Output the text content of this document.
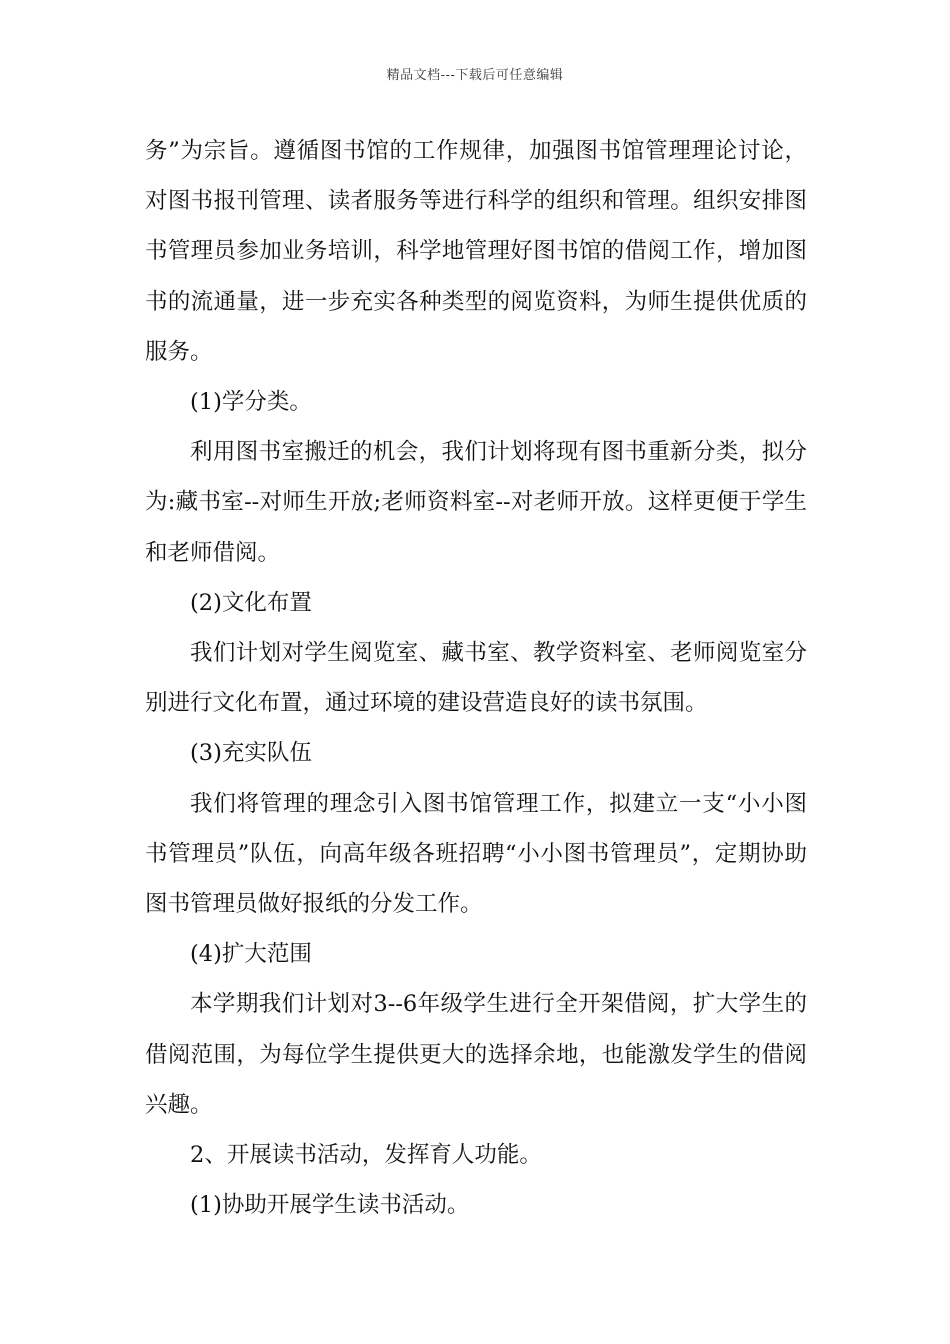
精品文档---下载后可任意编辑

务”为宗旨。遵循图书馆的工作规律，加强图书馆管理理论讨论，对图书报刊管理、读者服务等进行科学的组织和管理。组织安排图书管理员参加业务培训，科学地管理好图书馆的借阅工作，增加图书的流通量，进一步充实各种类型的阅览资料，为师生提供优质的服务。

(1)学分类。

利用图书室搬迁的机会，我们计划将现有图书重新分类，拟分为:藏书室--对师生开放;老师资料室--对老师开放。这样更便于学生和老师借阅。

(2)文化布置

我们计划对学生阅览室、藏书室、教学资料室、老师阅览室分别进行文化布置，通过环境的建设营造良好的读书氛围。

(3)充实队伍

我们将管理的理念引入图书馆管理工作，拟建立一支“小小图书管理员”队伍，向高年级各班招聘“小小图书管理员”，定期协助图书管理员做好报纸的分发工作。

(4)扩大范围

本学期我们计划对3--6年级学生进行全开架借阅，扩大学生的借阅范围，为每位学生提供更大的选择余地，也能激发学生的借阅兴趣。

2、开展读书活动，发挥育人功能。

(1)协助开展学生读书活动。
